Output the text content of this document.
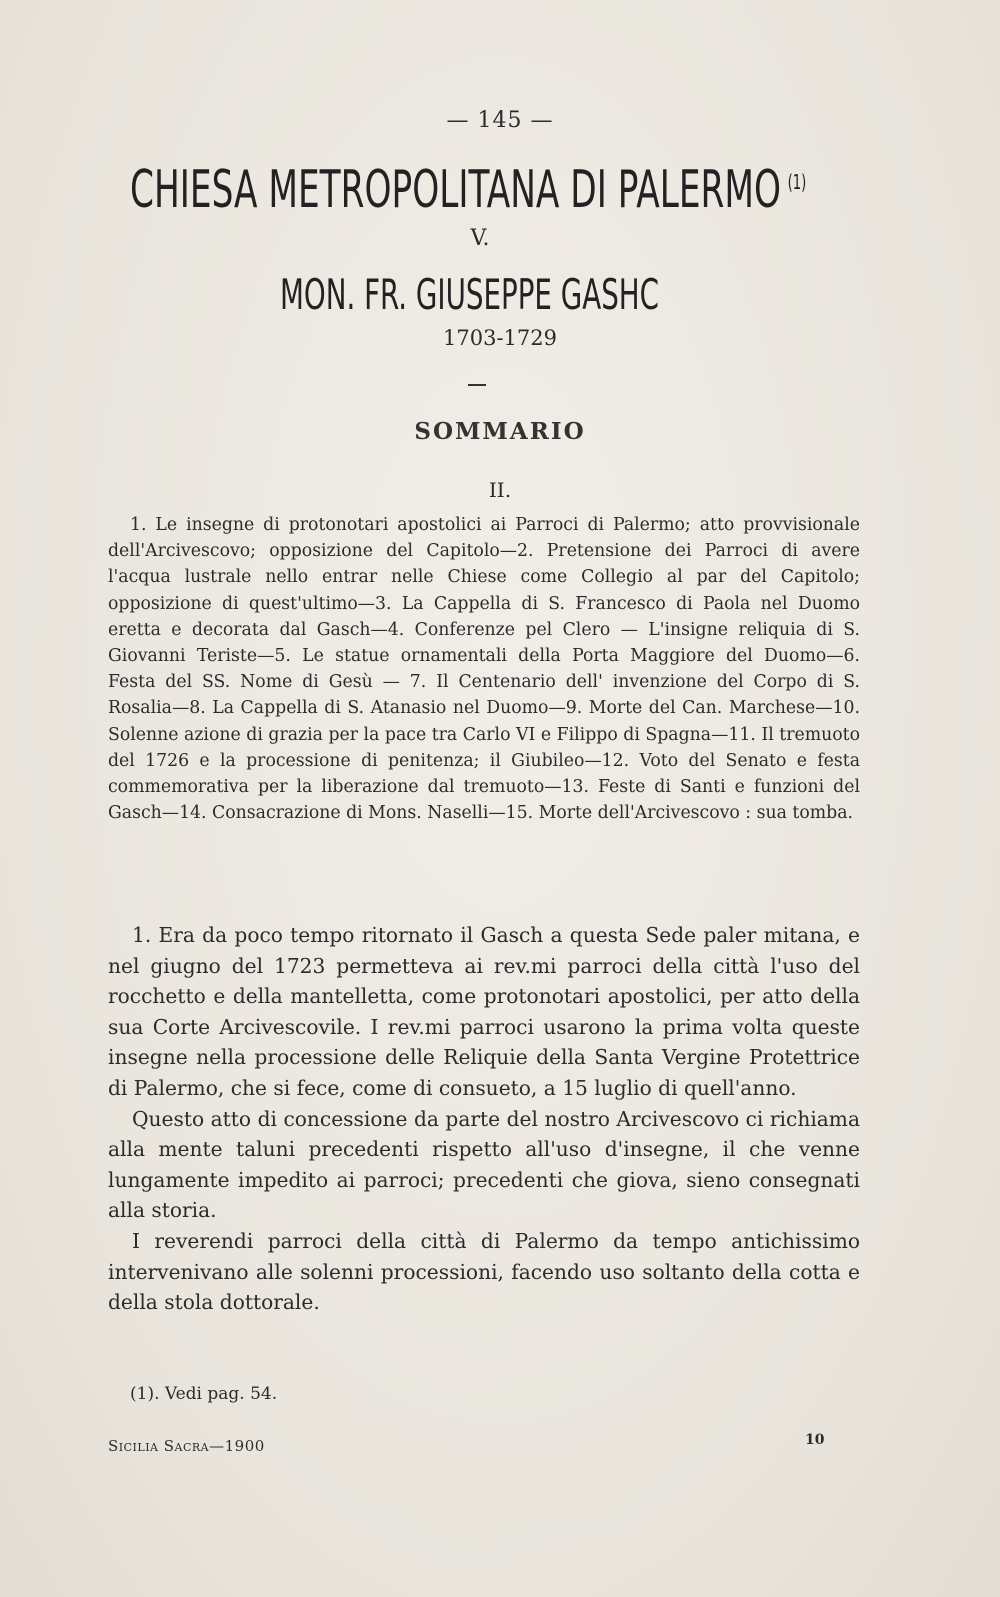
— 145 —
CHIESA METROPOLITANA DI PALERMO $^{(1)}$
V.
MON. FR. GIUSEPPE GASHC
1703-1729
SOMMARIO
II.

1. Le insegne di protonotari apostolici ai Parroci di Palermo; atto provvisionale dell'Arcivescovo; opposizione del Capitolo—2. Pretensione dei Parroci di avere l'acqua lustrale nello entrar nelle Chiese come Collegio al par del Capitolo; opposizione di quest'ultimo—3. La Cappella di S. Francesco di Paola nel Duomo eretta e decorata dal Gasch—4. Conferenze pel Clero — L'insigne reliquia di S. Giovanni Teriste—5. Le statue ornamentali della Porta Maggiore del Duomo—6. Festa del SS. Nome di Gesù — 7. Il Centenario dell' invenzione del Corpo di S. Rosalia—8. La Cappella di S. Atanasio nel Duomo—9. Morte del Can. Marchese—10. Solenne azione di grazia per la pace tra Carlo VI e Filippo di Spagna—11. Il tremuoto del 1726 e la processione di penitenza; il Giubileo—12. Voto del Senato e festa commemorativa per la liberazione dal tremuoto—13. Feste di Santi e funzioni del Gasch—14. Consacrazione di Mons. Naselli—15. Morte dell'Arcivescovo : sua tomba.

1. Era da poco tempo ritornato il Gasch a questa Sede paler mitana, e nel giugno del 1723 permetteva ai rev.mi parroci della città l'uso del rocchetto e della mantelletta, come protonotari apostolici, per atto della sua Corte Arcivescovile. I rev.mi parroci usarono la prima volta queste insegne nella processione delle Reliquie della Santa Vergine Protettrice di Palermo, che si fece, come di consueto, a 15 luglio di quell'anno.

Questo atto di concessione da parte del nostro Arcivescovo ci richiama alla mente taluni precedenti rispetto all'uso d'insegne, il che venne lungamente impedito ai parroci; precedenti che giova, sieno consegnati alla storia.

I reverendi parroci della città di Palermo da tempo antichissimo intervenivano alle solenni processioni, facendo uso soltanto della cotta e della stola dottorale.

(1). Vedi pag. 54.
Sicilia Sacra—1900	10
